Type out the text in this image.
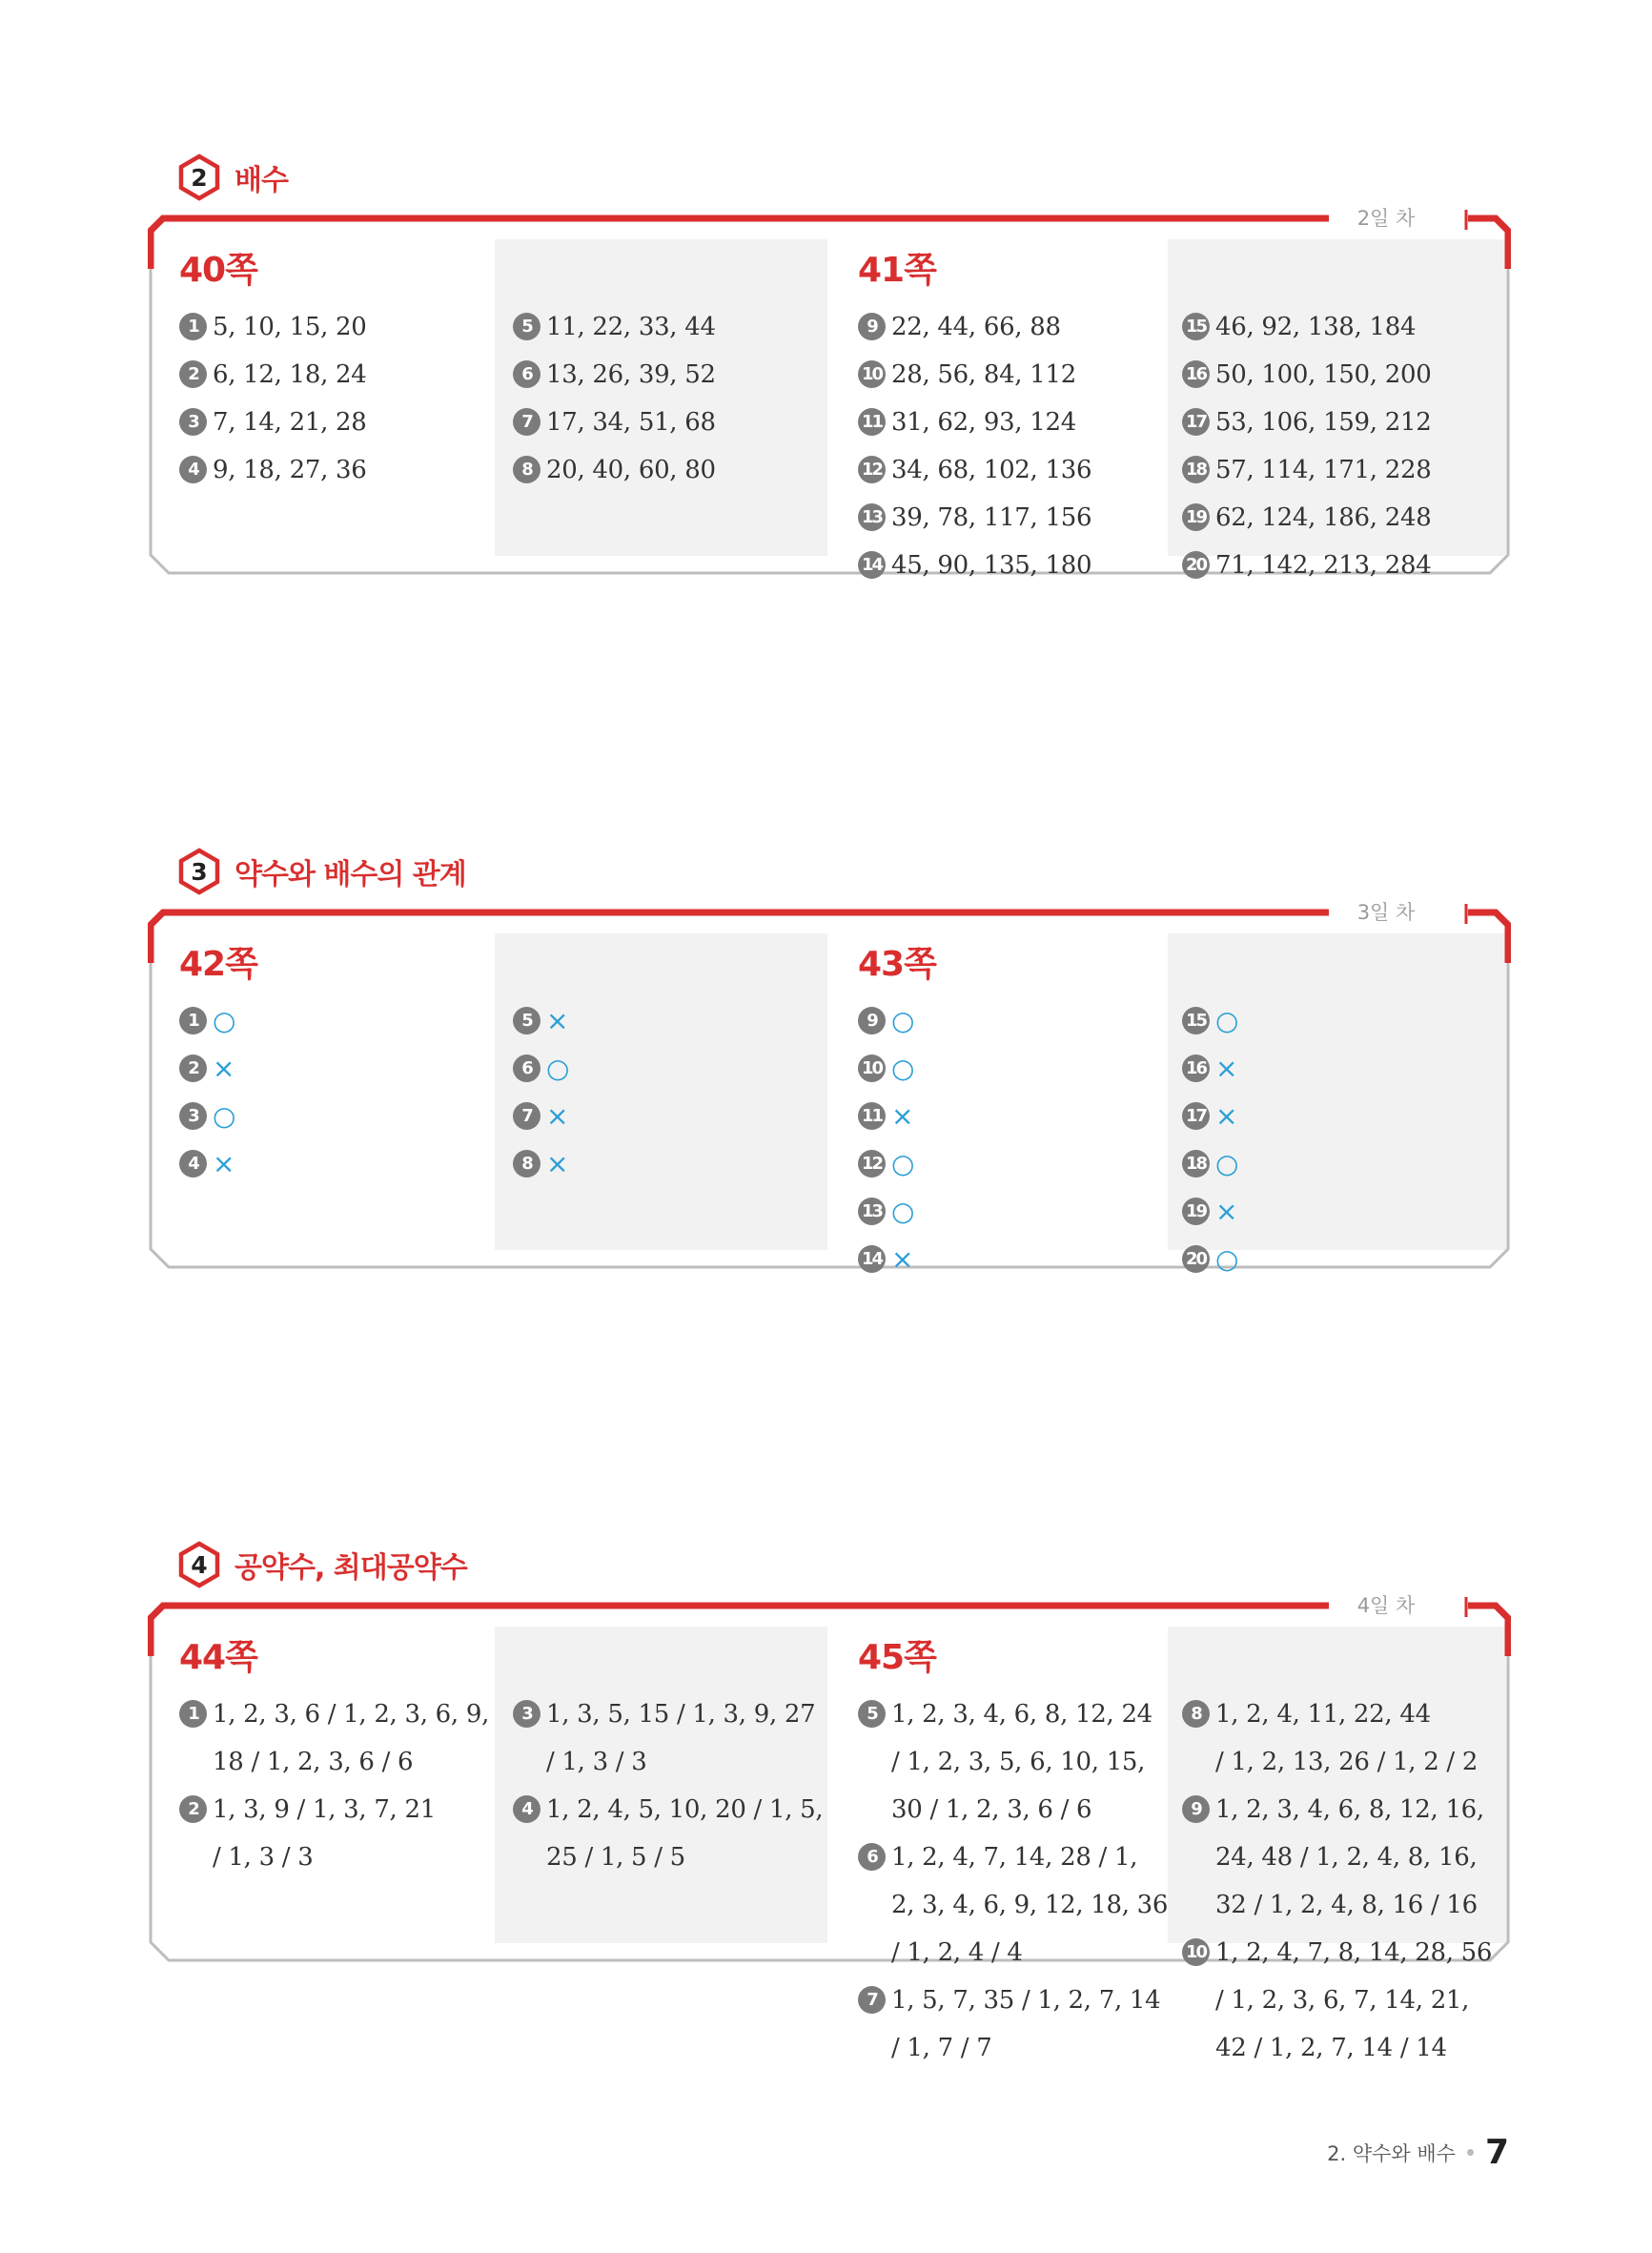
2 배수
2일 차
40쪽
1 5, 10, 15, 20
2 6, 12, 18, 24
3 7, 14, 21, 28
4 9, 18, 27, 36
5 11, 22, 33, 44
6 13, 26, 39, 52
7 17, 34, 51, 68
8 20, 40, 60, 80
41쪽
9 22, 44, 66, 88
10 28, 56, 84, 112
11 31, 62, 93, 124
12 34, 68, 102, 136
13 39, 78, 117, 156
14 45, 90, 135, 180
15 46, 92, 138, 184
16 50, 100, 150, 200
17 53, 106, 159, 212
18 57, 114, 171, 228
19 62, 124, 186, 248
20 71, 142, 213, 284
3 약수와 배수의 관계
3일 차
42쪽
1 ○
2 ×
3 ○
4 ×
5 ×
6 ○
7 ×
8 ×
43쪽
9 ○
10 ○
11 ×
12 ○
13 ○
14 ×
15 ○
16 ×
17 ×
18 ○
19 ×
20 ○
4 공약수, 최대공약수
4일 차
44쪽
1 1, 2, 3, 6 / 1, 2, 3, 6, 9,
18 / 1, 2, 3, 6 / 6
2 1, 3, 9 / 1, 3, 7, 21
/ 1, 3 / 3
3 1, 3, 5, 15 / 1, 3, 9, 27
/ 1, 3 / 3
4 1, 2, 4, 5, 10, 20 / 1, 5,
25 / 1, 5 / 5
45쪽
5 1, 2, 3, 4, 6, 8, 12, 24
/ 1, 2, 3, 5, 6, 10, 15,
30 / 1, 2, 3, 6 / 6
6 1, 2, 4, 7, 14, 28 / 1,
2, 3, 4, 6, 9, 12, 18, 36
/ 1, 2, 4 / 4
7 1, 5, 7, 35 / 1, 2, 7, 14
/ 1, 7 / 7
8 1, 2, 4, 11, 22, 44
/ 1, 2, 13, 26 / 1, 2 / 2
9 1, 2, 3, 4, 6, 8, 12, 16,
24, 48 / 1, 2, 4, 8, 16,
32 / 1, 2, 4, 8, 16 / 16
10 1, 2, 4, 7, 8, 14, 28, 56
/ 1, 2, 3, 6, 7, 14, 21,
42 / 1, 2, 7, 14 / 14
2. 약수와 배수 7
